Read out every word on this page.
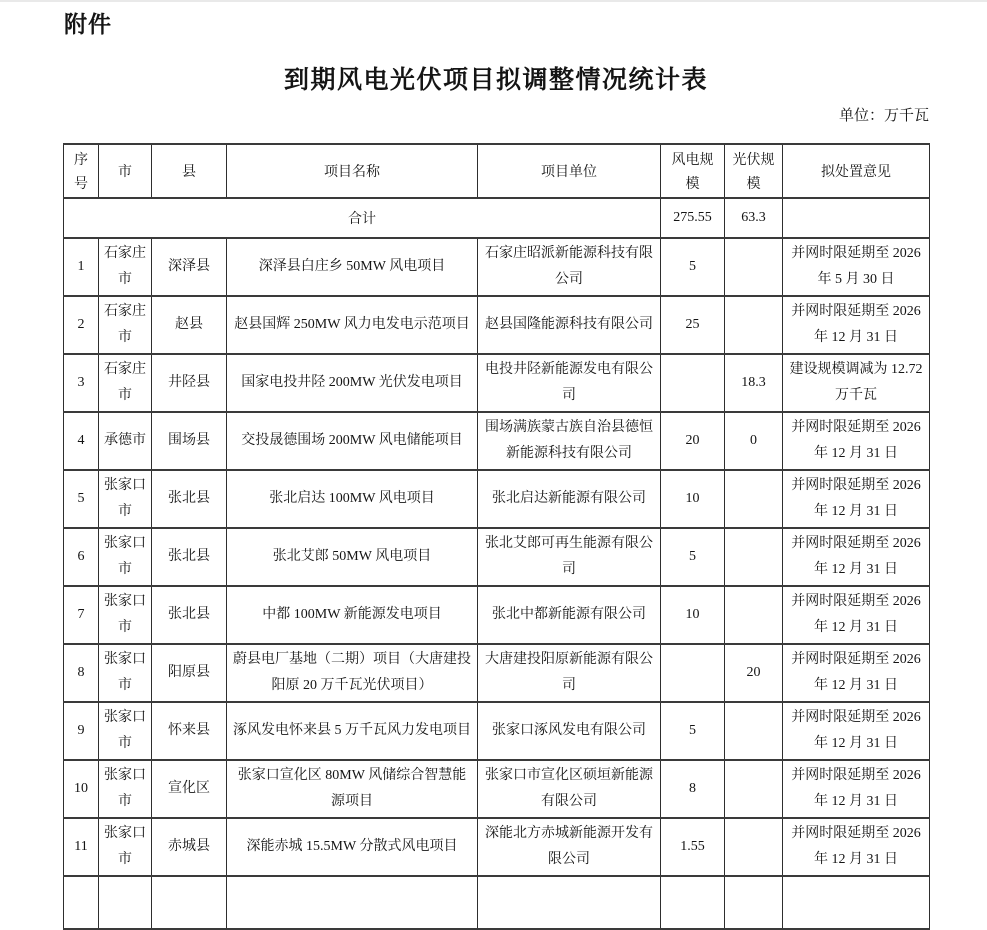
附件
到期风电光伏项目拟调整情况统计表
单位：万千瓦
序号	市	县	项目名称	项目单位	风电规模	光伏规模	拟处置意见
合计					275.55	63.3	
1	石家庄市	深泽县	深泽县白庄乡 50MW 风电项目	石家庄昭派新能源科技有限公司	5		并网时限延期至 2026 年 5 月 30 日
2	石家庄市	赵县	赵县国辉 250MW 风力电发电示范项目	赵县国隆能源科技有限公司	25		并网时限延期至 2026 年 12 月 31 日
3	石家庄市	井陉县	国家电投井陉 200MW 光伏发电项目	电投井陉新能源发电有限公司		18.3	建设规模调减为 12.72 万千瓦
4	承德市	围场县	交投晟德围场 200MW 风电储能项目	围场满族蒙古族自治县德恒新能源科技有限公司	20	0	并网时限延期至 2026 年 12 月 31 日
5	张家口市	张北县	张北启达 100MW 风电项目	张北启达新能源有限公司	10		并网时限延期至 2026 年 12 月 31 日
6	张家口市	张北县	张北艾郎 50MW 风电项目	张北艾郎可再生能源有限公司	5		并网时限延期至 2026 年 12 月 31 日
7	张家口市	张北县	中都 100MW 新能源发电项目	张北中都新能源有限公司	10		并网时限延期至 2026 年 12 月 31 日
8	张家口市	阳原县	蔚县电厂基地（二期）项目（大唐建投阳原 20 万千瓦光伏项目）	大唐建投阳原新能源有限公司		20	并网时限延期至 2026 年 12 月 31 日
9	张家口市	怀来县	涿风发电怀来县 5 万千瓦风力发电项目	张家口涿风发电有限公司	5		并网时限延期至 2026 年 12 月 31 日
10	张家口市	宣化区	张家口宣化区 80MW 风储综合智慧能源项目	张家口市宣化区硕垣新能源有限公司	8		并网时限延期至 2026 年 12 月 31 日
11	张家口市	赤城县	深能赤城 15.5MW 分散式风电项目	深能北方赤城新能源开发有限公司	1.55		并网时限延期至 2026 年 12 月 31 日
